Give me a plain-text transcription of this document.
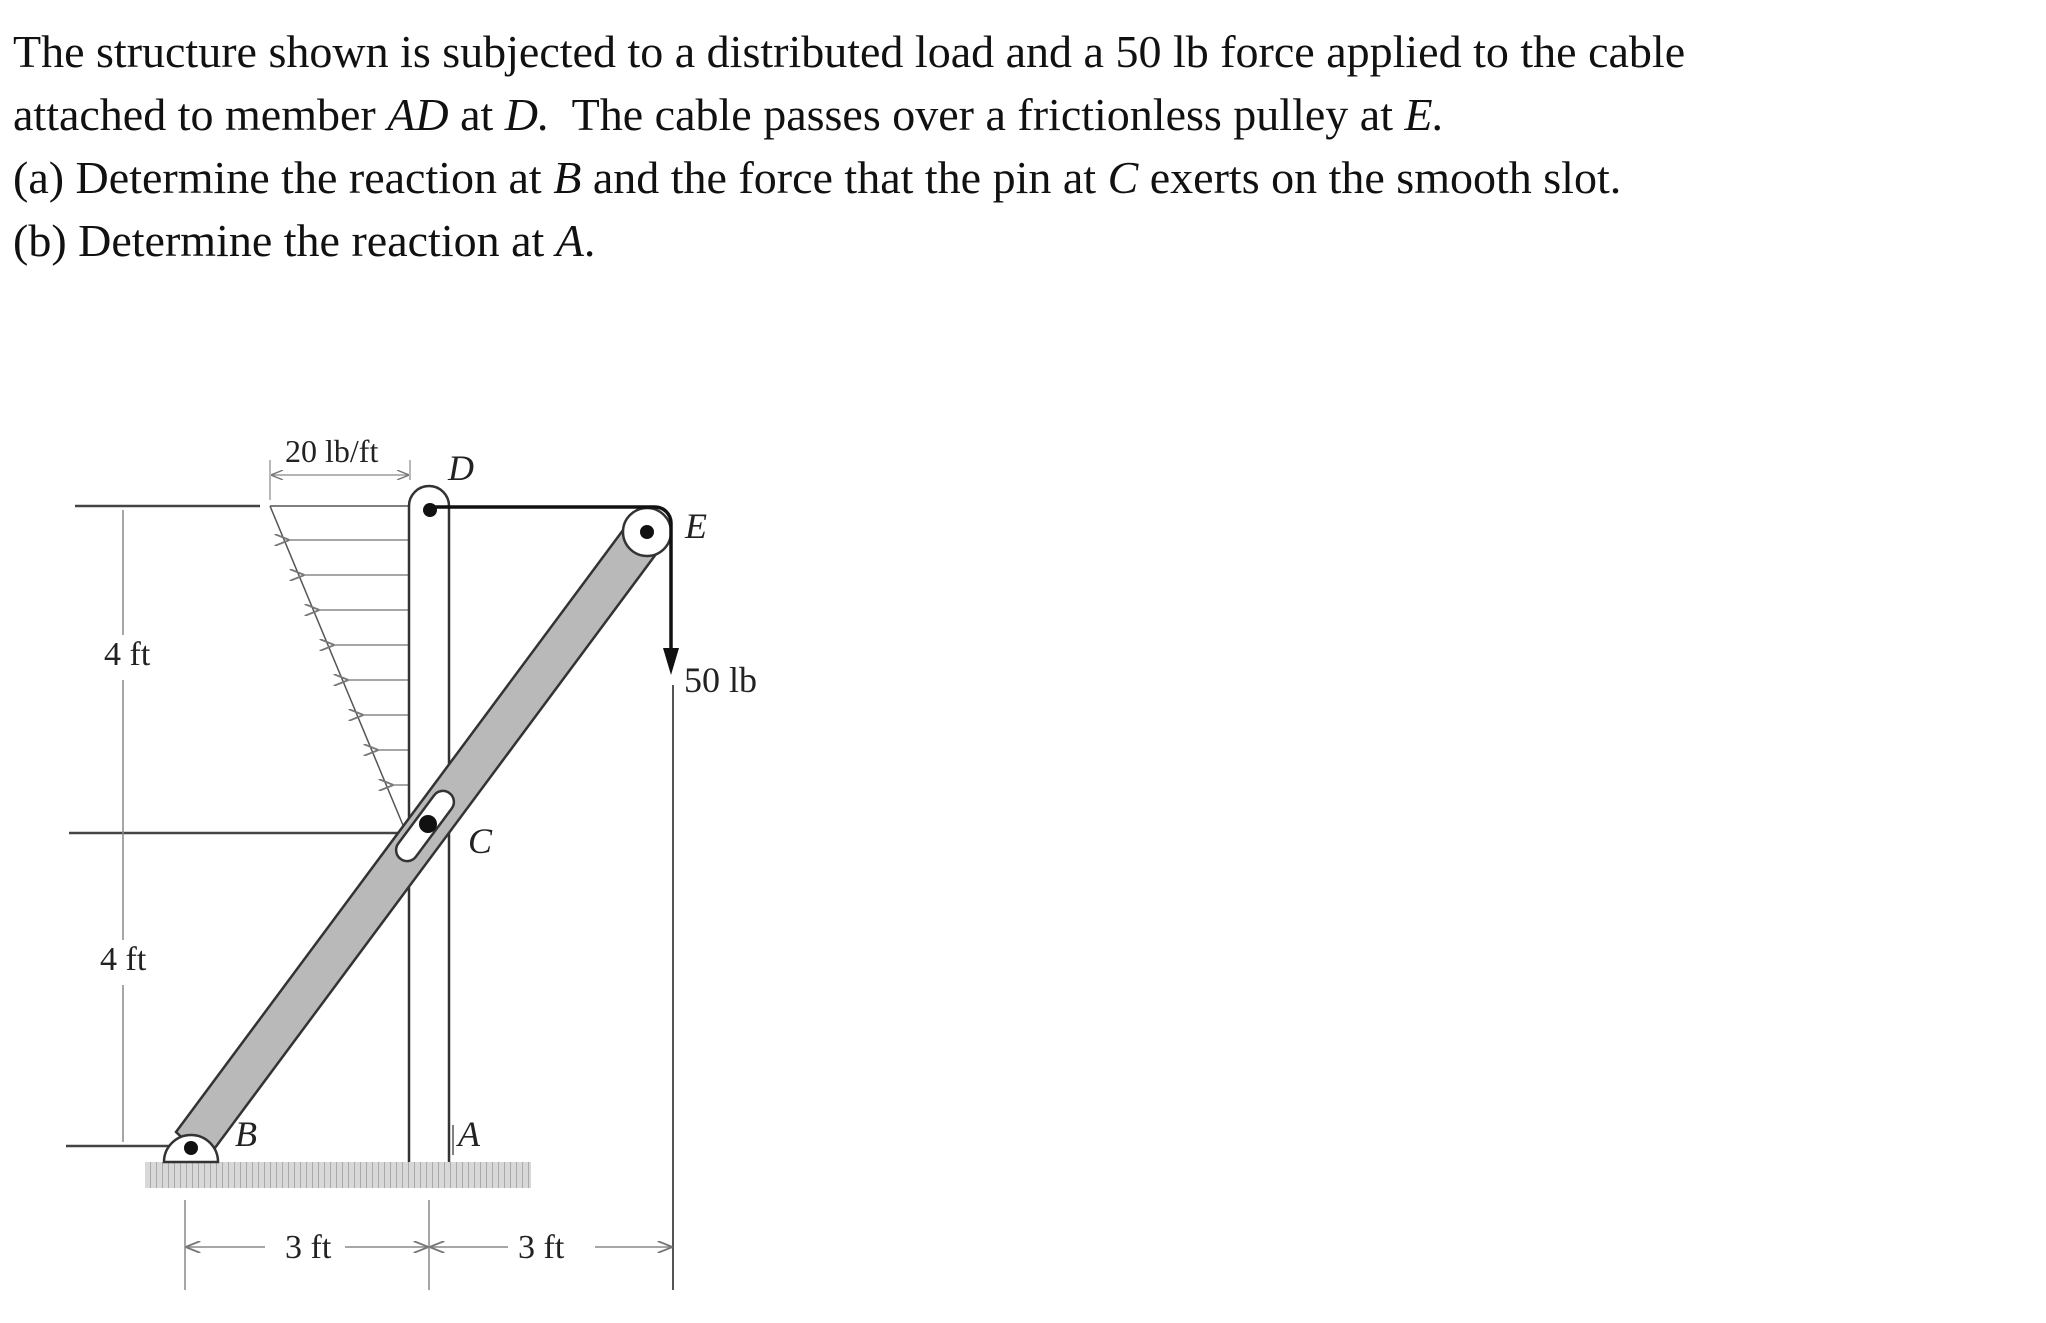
The structure shown is subjected to a distributed load and a 50 lb force applied to the cable

attached to member AD at D.  The cable passes over a frictionless pulley at E.

(a) Determine the reaction at B and the force that the pin at C exerts on the smooth slot.

(b) Determine the reaction at A.

4 ft
4 ft
20 lb/ft
50 lb
D
E
C
B	A
3 ft	3 ft
